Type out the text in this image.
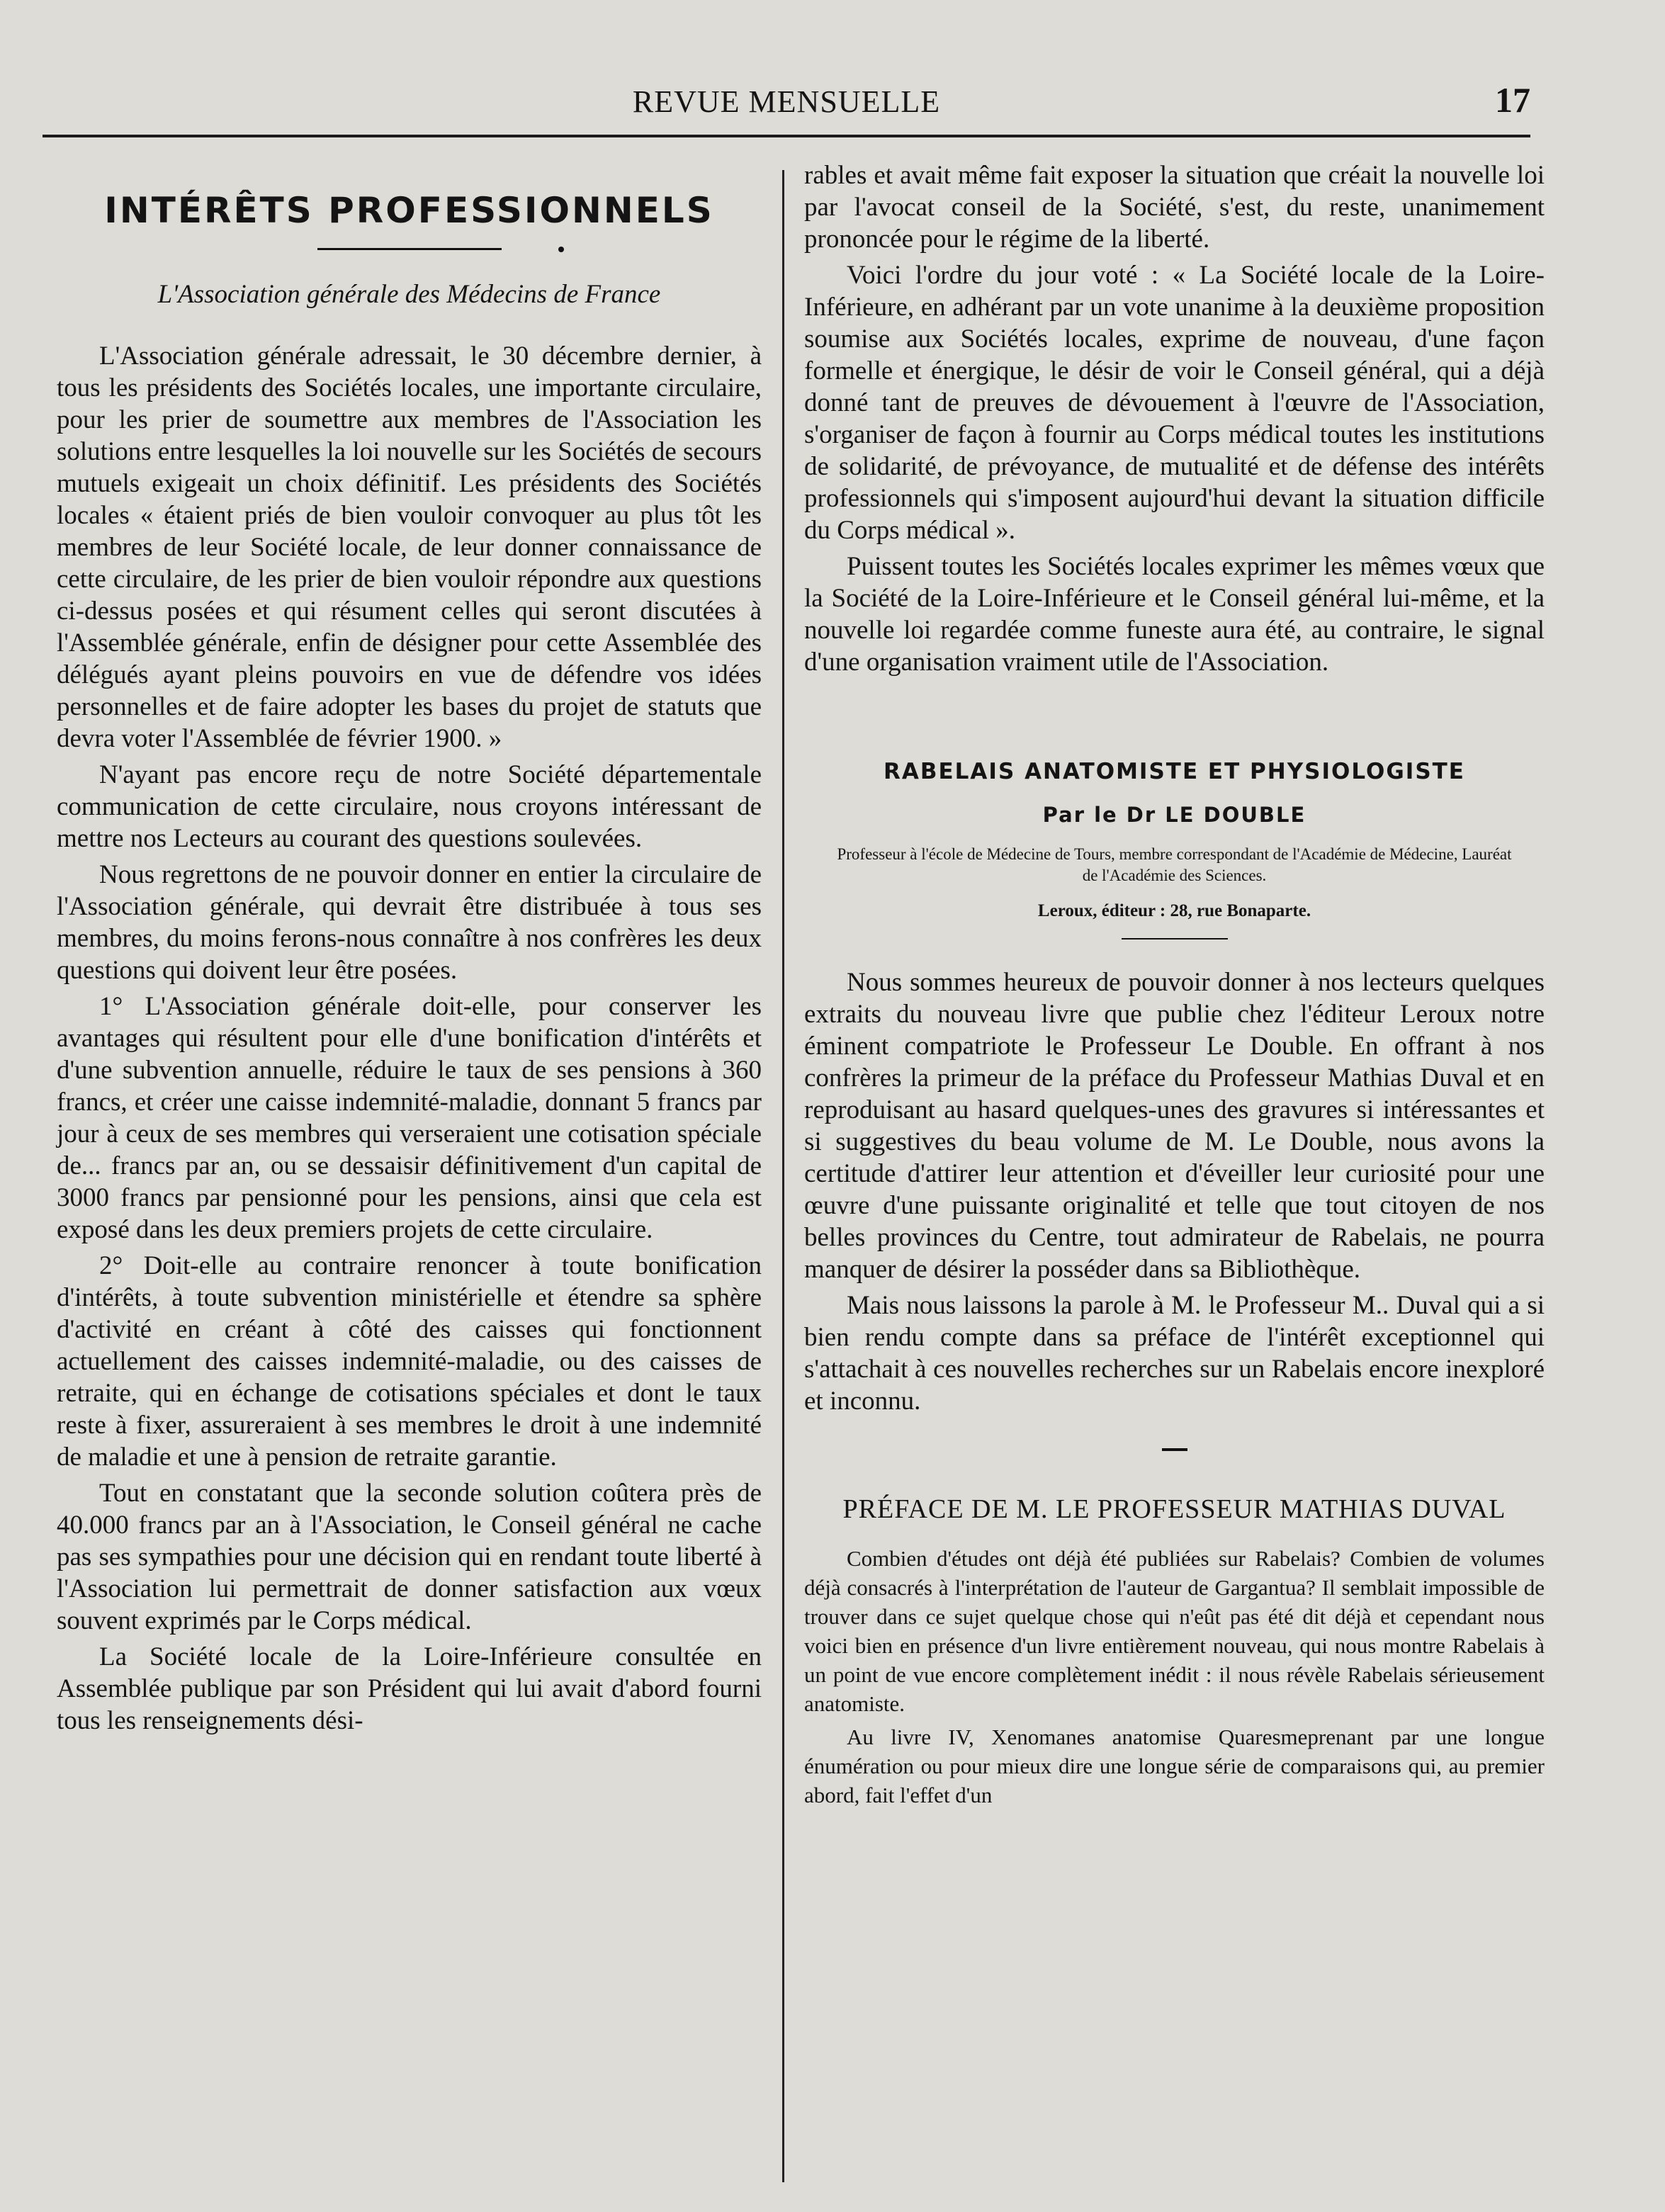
REVUE MENSUELLE	17
INTÉRÊTS PROFESSIONNELS
L'Association générale des Médecins de France

L'Association générale adressait, le 30 décembre dernier, à tous les présidents des Sociétés locales, une importante circulaire, pour les prier de soumettre aux membres de l'Association les solutions entre lesquelles la loi nouvelle sur les Sociétés de secours mutuels exigeait un choix définitif. Les présidents des Sociétés locales « étaient priés de bien vouloir convoquer au plus tôt les membres de leur Société locale, de leur donner connaissance de cette circulaire, de les prier de bien vouloir répondre aux questions ci-dessus posées et qui résument celles qui seront discutées à l'Assemblée générale, enfin de désigner pour cette Assemblée des délégués ayant pleins pouvoirs en vue de défendre vos idées personnelles et de faire adopter les bases du projet de statuts que devra voter l'Assemblée de février 1900. »

N'ayant pas encore reçu de notre Société départementale communication de cette circulaire, nous croyons intéressant de mettre nos Lecteurs au courant des questions soulevées.

Nous regrettons de ne pouvoir donner en entier la circulaire de l'Association générale, qui devrait être distribuée à tous ses membres, du moins ferons-nous connaître à nos confrères les deux questions qui doivent leur être posées.

1° L'Association générale doit-elle, pour conserver les avantages qui résultent pour elle d'une bonification d'intérêts et d'une subvention annuelle, réduire le taux de ses pensions à 360 francs, et créer une caisse indemnité-maladie, donnant 5 francs par jour à ceux de ses membres qui verseraient une cotisation spéciale de... francs par an, ou se dessaisir définitivement d'un capital de 3000 francs par pensionné pour les pensions, ainsi que cela est exposé dans les deux premiers projets de cette circulaire.

2° Doit-elle au contraire renoncer à toute bonification d'intérêts, à toute subvention ministérielle et étendre sa sphère d'activité en créant à côté des caisses qui fonctionnent actuellement des caisses indemnité-maladie, ou des caisses de retraite, qui en échange de cotisations spéciales et dont le taux reste à fixer, assureraient à ses membres le droit à une indemnité de maladie et une à pension de retraite garantie.

Tout en constatant que la seconde solution coûtera près de 40.000 francs par an à l'Association, le Conseil général ne cache pas ses sympathies pour une décision qui en rendant toute liberté à l'Association lui permettrait de donner satisfaction aux vœux souvent exprimés par le Corps médical.

La Société locale de la Loire-Inférieure consultée en Assemblée publique par son Président qui lui avait d'abord fourni tous les renseignements dési-

rables et avait même fait exposer la situation que créait la nouvelle loi par l'avocat conseil de la Société, s'est, du reste, unanimement prononcée pour le régime de la liberté.

Voici l'ordre du jour voté : « La Société locale de la Loire-Inférieure, en adhérant par un vote unanime à la deuxième proposition soumise aux Sociétés locales, exprime de nouveau, d'une façon formelle et énergique, le désir de voir le Conseil général, qui a déjà donné tant de preuves de dévouement à l'œuvre de l'Association, s'organiser de façon à fournir au Corps médical toutes les institutions de solidarité, de prévoyance, de mutualité et de défense des intérêts professionnels qui s'imposent aujourd'hui devant la situation difficile du Corps médical ».

Puissent toutes les Sociétés locales exprimer les mêmes vœux que la Société de la Loire-Inférieure et le Conseil général lui-même, et la nouvelle loi regardée comme funeste aura été, au contraire, le signal d'une organisation vraiment utile de l'Association.

RABELAIS ANATOMISTE ET PHYSIOLOGISTE
Par le Dr LE DOUBLE
Professeur à l'école de Médecine de Tours, membre correspondant de l'Académie de Médecine, Lauréat de l'Académie des Sciences.
Leroux, éditeur : 28, rue Bonaparte.

Nous sommes heureux de pouvoir donner à nos lecteurs quelques extraits du nouveau livre que publie chez l'éditeur Leroux notre éminent compatriote le Professeur Le Double. En offrant à nos confrères la primeur de la préface du Professeur Mathias Duval et en reproduisant au hasard quelques-unes des gravures si intéressantes et si suggestives du beau volume de M. Le Double, nous avons la certitude d'attirer leur attention et d'éveiller leur curiosité pour une œuvre d'une puissante originalité et telle que tout citoyen de nos belles provinces du Centre, tout admirateur de Rabelais, ne pourra manquer de désirer la posséder dans sa Bibliothèque.

Mais nous laissons la parole à M. le Professeur M.. Duval qui a si bien rendu compte dans sa préface de l'intérêt exceptionnel qui s'attachait à ces nouvelles recherches sur un Rabelais encore inexploré et inconnu.

PRÉFACE DE M. LE PROFESSEUR MATHIAS DUVAL

Combien d'études ont déjà été publiées sur Rabelais? Combien de volumes déjà consacrés à l'interprétation de l'auteur de Gargantua? Il semblait impossible de trouver dans ce sujet quelque chose qui n'eût pas été dit déjà et cependant nous voici bien en présence d'un livre entièrement nouveau, qui nous montre Rabelais à un point de vue encore complètement inédit : il nous révèle Rabelais sérieusement anatomiste.

Au livre IV, Xenomanes anatomise Quaresmeprenant par une longue énumération ou pour mieux dire une longue série de comparaisons qui, au premier abord, fait l'effet d'un
